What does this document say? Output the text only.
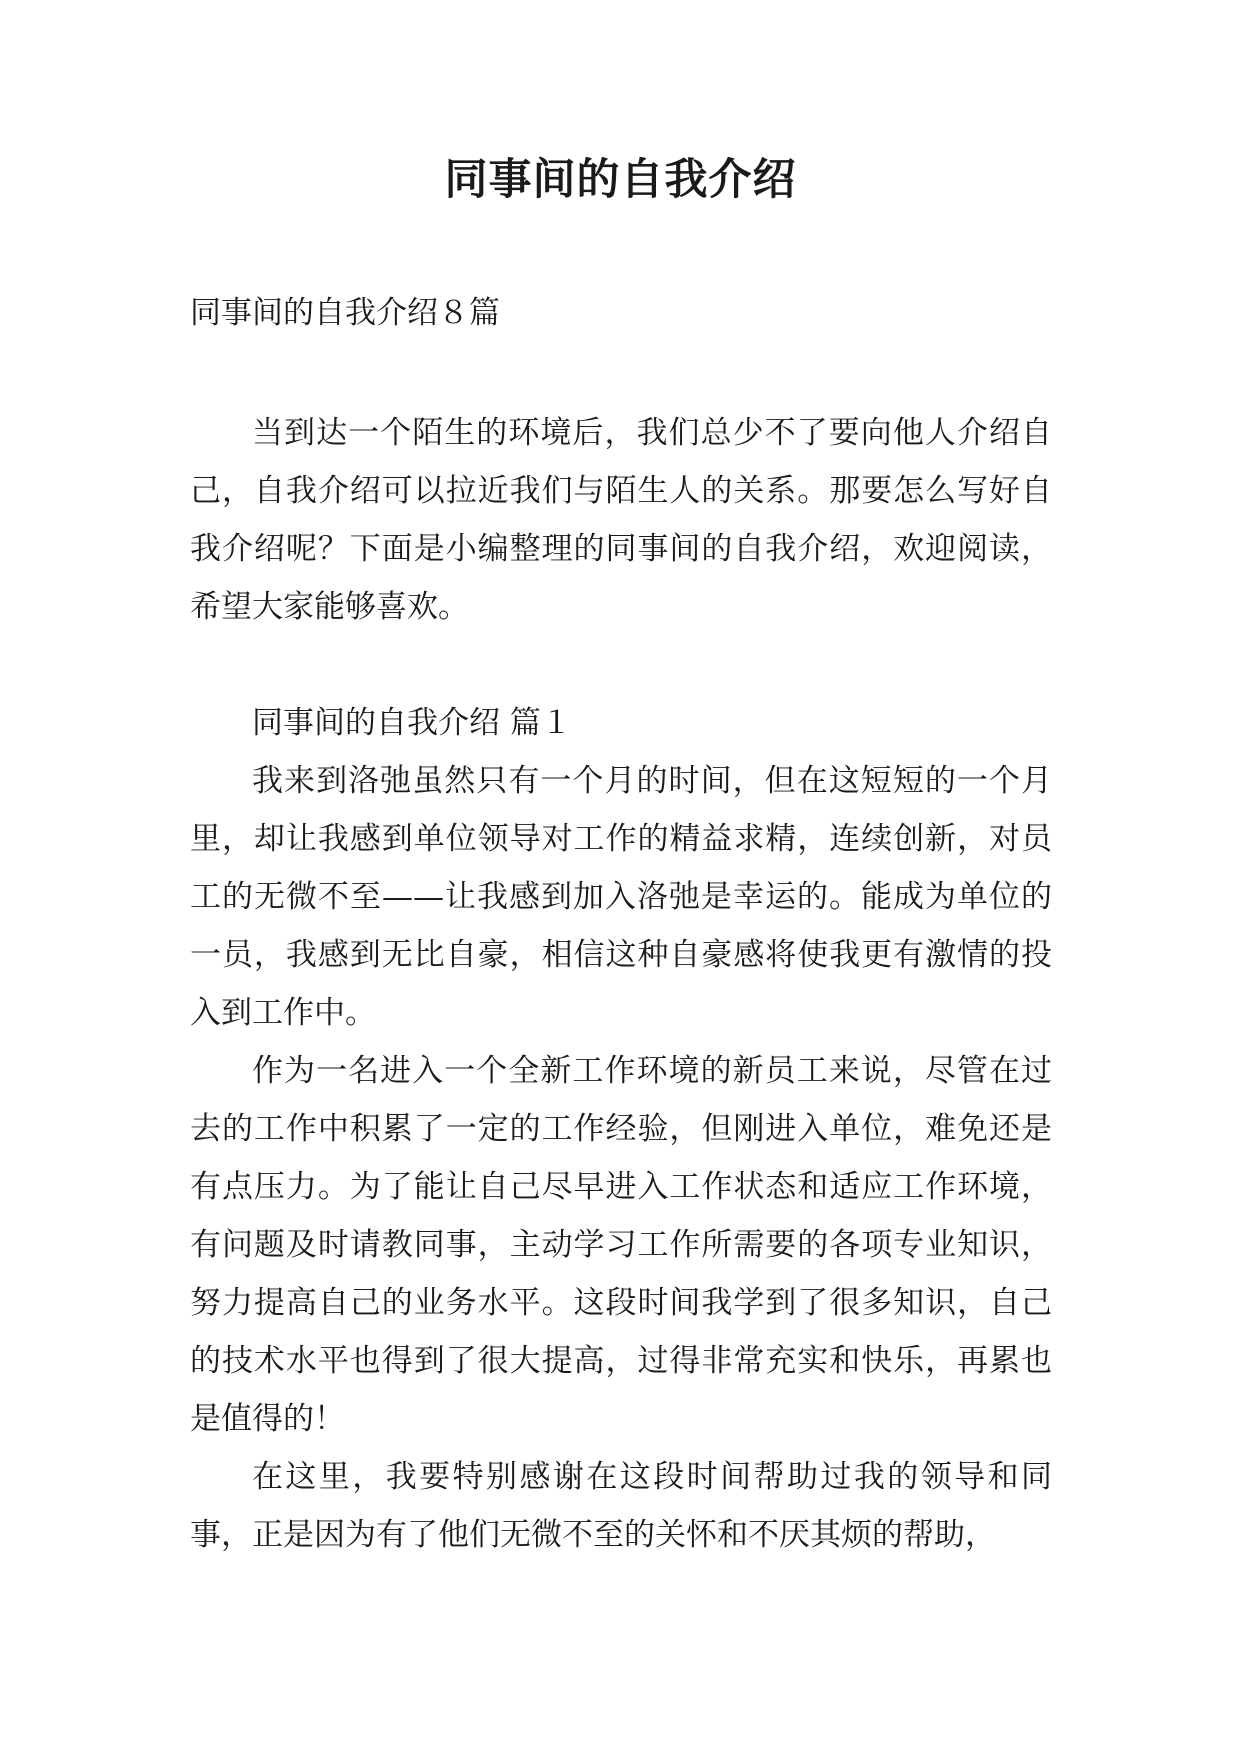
同事间的自我介绍
同事间的自我介绍８篇

当到达一个陌生的环境后，我们总少不了要向他人介绍自己，自我介绍可以拉近我们与陌生人的关系。那要怎么写好自我介绍呢？下面是小编整理的同事间的自我介绍，欢迎阅读，希望大家能够喜欢。

同事间的自我介绍 篇１

我来到洛弛虽然只有一个月的时间，但在这短短的一个月里，却让我感到单位领导对工作的精益求精，连续创新，对员工的无微不至——让我感到加入洛弛是幸运的。能成为单位的一员，我感到无比自豪，相信这种自豪感将使我更有激情的投入到工作中。

作为一名进入一个全新工作环境的新员工来说，尽管在过去的工作中积累了一定的工作经验，但刚进入单位，难免还是有点压力。为了能让自己尽早进入工作状态和适应工作环境，有问题及时请教同事，主动学习工作所需要的各项专业知识，努力提高自己的业务水平。这段时间我学到了很多知识，自己的技术水平也得到了很大提高，过得非常充实和快乐，再累也是值得的！

在这里，我要特别感谢在这段时间帮助过我的领导和同事，正是因为有了他们无微不至的关怀和不厌其烦的帮助，
